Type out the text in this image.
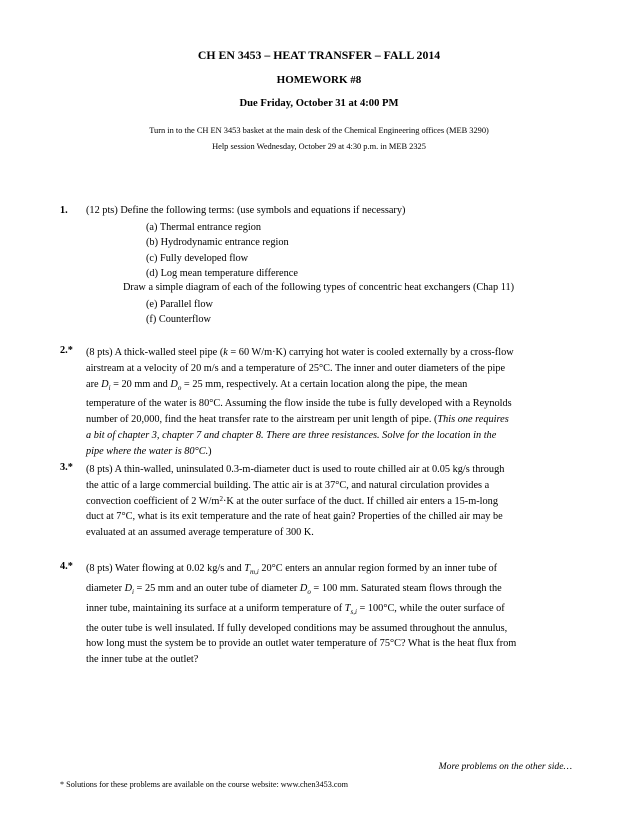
CH EN 3453 – HEAT TRANSFER – FALL 2014
HOMEWORK #8
Due Friday, October 31 at 4:00 PM
Turn in to the CH EN 3453 basket at the main desk of the Chemical Engineering offices (MEB 3290)
Help session Wednesday, October 29 at 4:30 p.m. in MEB 2325
1. (12 pts) Define the following terms: (use symbols and equations if necessary)
(a) Thermal entrance region
(b) Hydrodynamic entrance region
(c) Fully developed flow
(d) Log mean temperature difference
Draw a simple diagram of each of the following types of concentric heat exchangers (Chap 11)
(e) Parallel flow
(f) Counterflow
2.* (8 pts) A thick-walled steel pipe (k = 60 W/m·K) carrying hot water is cooled externally by a cross-flow
airstream at a velocity of 20 m/s and a temperature of 25°C. The inner and outer diameters of the pipe
are $D_i = 20$ mm and $D_o = 25$ mm, respectively. At a certain location along the pipe, the mean
temperature of the water is 80°C. Assuming the flow inside the tube is fully developed with a Reynolds
number of 20,000, find the heat transfer rate to the airstream per unit length of pipe. (This one requires
a bit of chapter 3, chapter 7 and chapter 8. There are three resistances. Solve for the location in the
pipe where the water is 80°C.)
3.* (8 pts) A thin-walled, uninsulated 0.3-m-diameter duct is used to route chilled air at 0.05 kg/s through
the attic of a large commercial building. The attic air is at 37°C, and natural circulation provides a
convection coefficient of 2 $W/m^2\cdot K$ at the outer surface of the duct. If chilled air enters a 15-m-long
duct at 7°C, what is its exit temperature and the rate of heat gain? Properties of the chilled air may be
evaluated at an assumed average temperature of 300 K.
4.* (8 pts) Water flowing at 0.02 kg/s and $T_{m,i}$ 20°C enters an annular region formed by an inner tube of
diameter $D_i = 25$ mm and an outer tube of diameter $D_o = 100$ mm. Saturated steam flows through the
inner tube, maintaining its surface at a uniform temperature of $T_{s,i} = 100^\circ C$, while the outer surface of
the outer tube is well insulated. If fully developed conditions may be assumed throughout the annulus,
how long must the system be to provide an outlet water temperature of 75°C? What is the heat flux from
the inner tube at the outlet?
More problems on the other side…
* Solutions for these problems are available on the course website: www.chen3453.com
